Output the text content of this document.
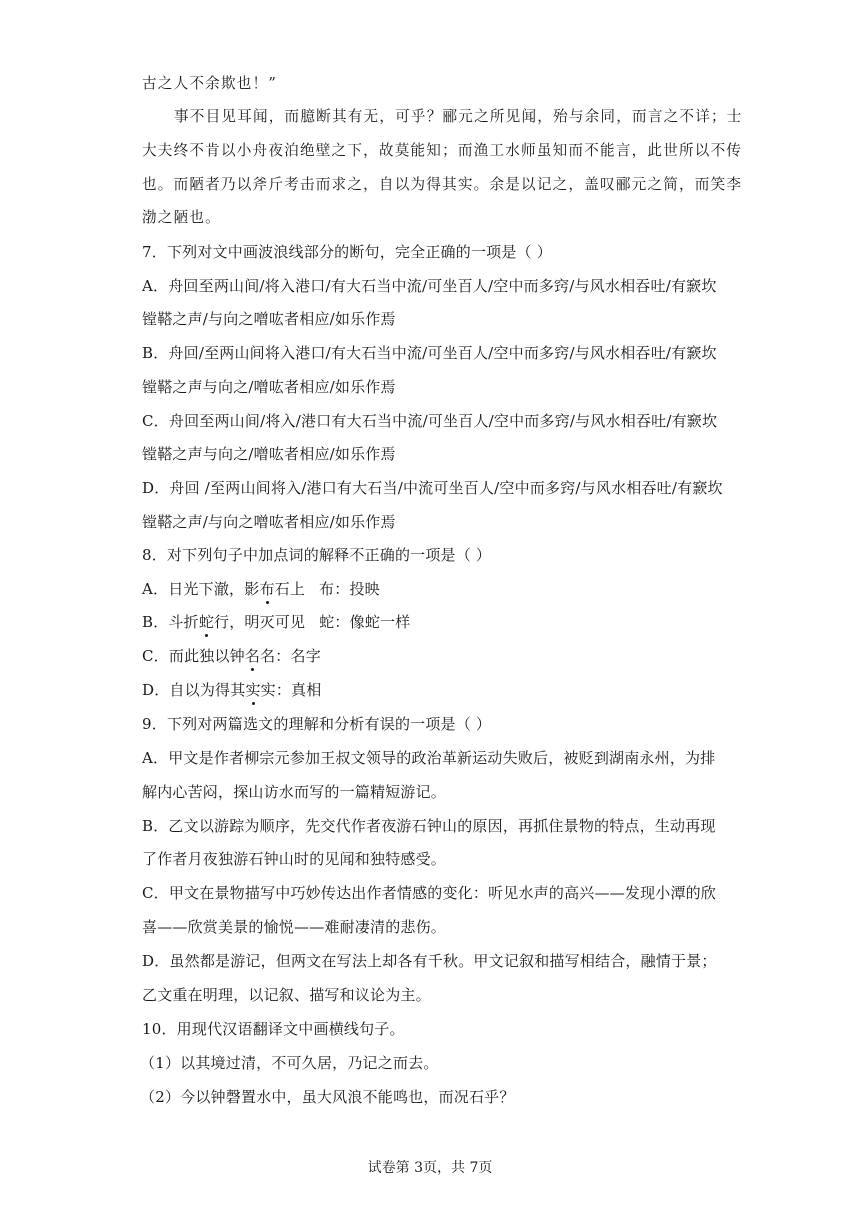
古之人不余欺也！”
事不目见耳闻，而臆断其有无，可乎？郦元之所见闻，殆与余同，而言之不详；士
大夫终不肯以小舟夜泊绝壁之下，故莫能知；而渔工水师虽知而不能言，此世所以不传
也。而陋者乃以斧斤考击而求之，自以为得其实。余是以记之，盖叹郦元之简，而笑李
渤之陋也。
7．下列对文中画波浪线部分的断句，完全正确的一项是（ ）
A．舟回至两山间/将入港口/有大石当中流/可坐百人/空中而多窍/与风水相吞吐/有窾坎
镗鞳之声/与向之噌吰者相应/如乐作焉
B．舟回/至两山间将入港口/有大石当中流/可坐百人/空中而多窍/与风水相吞吐/有窾坎
镗鞳之声与向之/噌吰者相应/如乐作焉
C．舟回至两山间/将入/港口有大石当中流/可坐百人/空中而多窍/与风水相吞吐/有窾坎
镗鞳之声与向之/噌吰者相应/如乐作焉
D．舟回 /至两山间将入/港口有大石当/中流可坐百人/空中而多窍/与风水相吞吐/有窾坎
镗鞳之声/与向之噌吰者相应/如乐作焉
8．对下列句子中加点词的解释不正确的一项是（ ）
A．日光下澈，影布石上 布：投映
B．斗折蛇行，明灭可见 蛇：像蛇一样
C．而此独以钟名名：名字
D．自以为得其实实：真相
9．下列对两篇选文的理解和分析有误的一项是（ ）
A．甲文是作者柳宗元参加王叔文领导的政治革新运动失败后，被贬到湖南永州，为排
解内心苦闷，探山访水而写的一篇精短游记。
B．乙文以游踪为顺序，先交代作者夜游石钟山的原因，再抓住景物的特点，生动再现
了作者月夜独游石钟山时的见闻和独特感受。
C．甲文在景物描写中巧妙传达出作者情感的变化：听见水声的高兴——发现小潭的欣
喜——欣赏美景的愉悦——难耐凄清的悲伤。
D．虽然都是游记，但两文在写法上却各有千秋。甲文记叙和描写相结合，融情于景；
乙文重在明理，以记叙、描写和议论为主。
10．用现代汉语翻译文中画横线句子。
（1）以其境过清，不可久居，乃记之而去。
（2）今以钟磬置水中，虽大风浪不能鸣也，而况石乎？
试卷第 3页，共 7页
